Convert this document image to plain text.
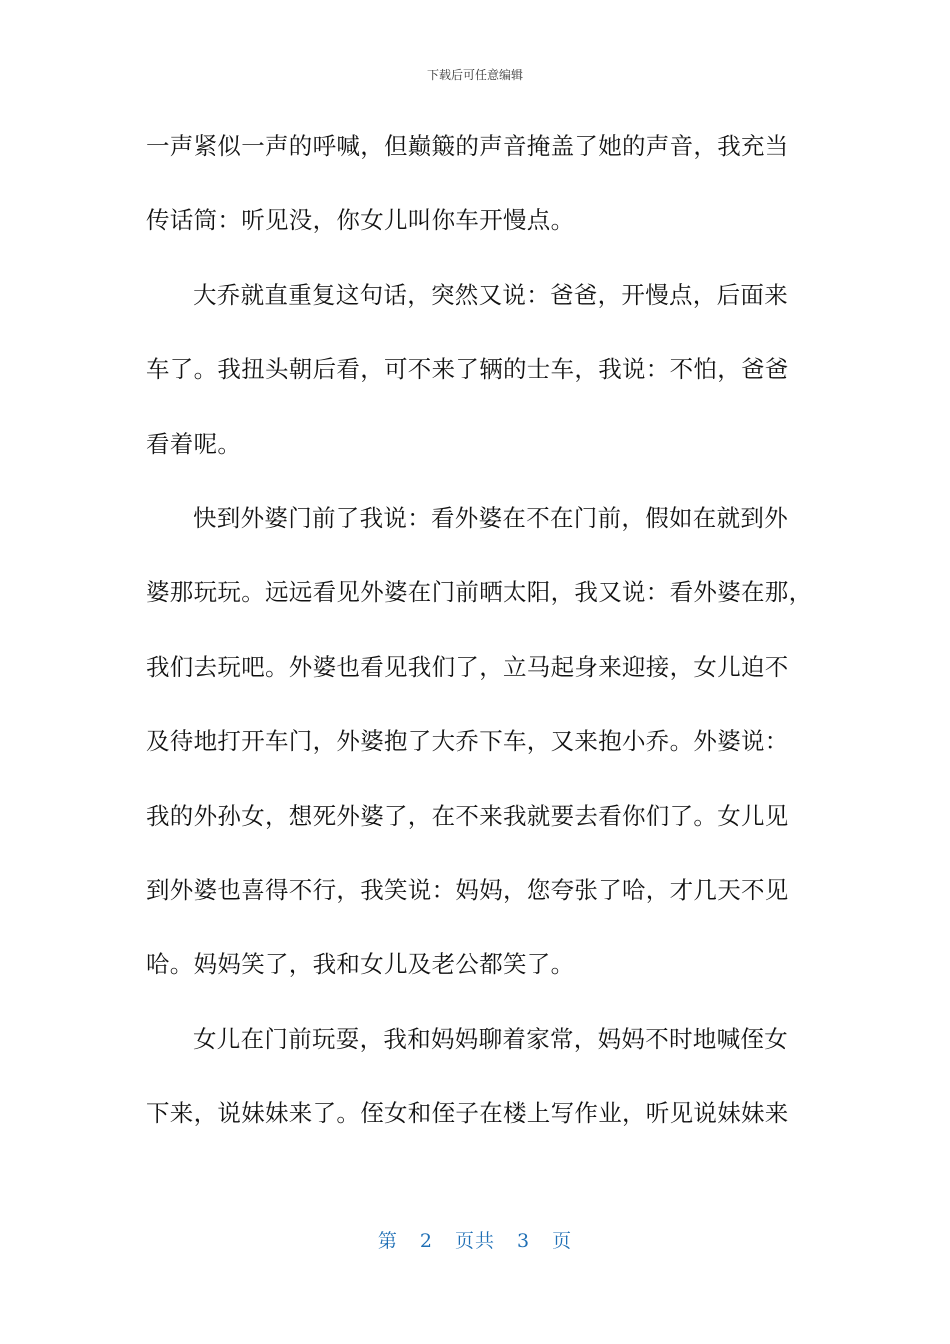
下载后可任意编辑
一声紧似一声的呼喊，但巅簸的声音掩盖了她的声音，我充当
传话筒：听见没，你女儿叫你车开慢点。
大乔就直重复这句话，突然又说：爸爸，开慢点，后面来
车了。我扭头朝后看，可不来了辆的士车，我说：不怕，爸爸
看着呢。
快到外婆门前了我说：看外婆在不在门前，假如在就到外
婆那玩玩。远远看见外婆在门前晒太阳，我又说：看外婆在那，
我们去玩吧。外婆也看见我们了，立马起身来迎接，女儿迫不
及待地打开车门，外婆抱了大乔下车，又来抱小乔。外婆说：
我的外孙女，想死外婆了，在不来我就要去看你们了。女儿见
到外婆也喜得不行，我笑说：妈妈，您夸张了哈，才几天不见
哈。妈妈笑了，我和女儿及老公都笑了。
女儿在门前玩耍，我和妈妈聊着家常，妈妈不时地喊侄女
下来，说妹妹来了。侄女和侄子在楼上写作业，听见说妹妹来
第 2 页共 3 页
